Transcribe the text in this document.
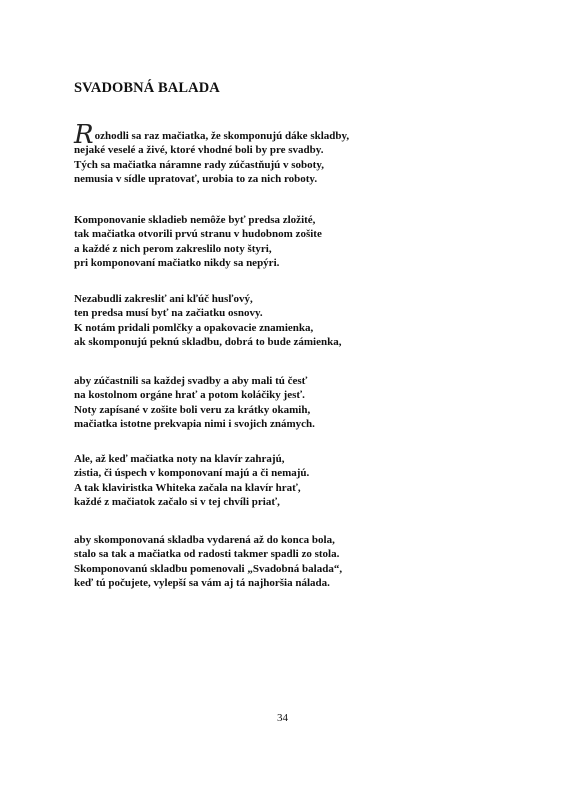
SVADOBNÁ BALADA
Rozhodli sa raz mačiatka, že skomponujú dáke skladby,
nejaké veselé a živé, ktoré vhodné boli by pre svadby.
Tých sa mačiatka náramne rady zúčastňujú v soboty,
nemusia v sídle upratovať, urobia to za nich roboty.
Komponovanie skladieb nemôže byť predsa zložité,
tak mačiatka otvorili prvú stranu v hudobnom zošite
a každé z nich perom zakreslilo noty štyri,
pri komponovaní mačiatko nikdy sa nepýri.
Nezabudli zakresliť ani kľúč husľový,
ten predsa musí byť na začiatku osnovy.
K notám pridali pomlčky a opakovacie znamienka,
ak skomponujú peknú skladbu, dobrá to bude zámienka,
aby zúčastnili sa každej svadby a aby mali tú česť
na kostolnom orgáne hrať a potom koláčiky jesť.
Noty zapísané v zošite boli veru za krátky okamih,
mačiatka istotne prekvapia nimi i svojich známych.
Ale, až keď mačiatka noty na klavír zahrajú,
zistia, či úspech v komponovaní majú a či nemajú.
A tak klaviristka Whiteka začala na klavír hrať,
každé z mačiatok začalo si v tej chvíli priať,
aby skomponovaná skladba vydarená až do konca bola,
stalo sa tak a mačiatka od radosti takmer spadli zo stola.
Skomponovanú skladbu pomenovali „Svadobná balada“,
keď tú počujete, vylepší sa vám aj tá najhoršia nálada.
34
